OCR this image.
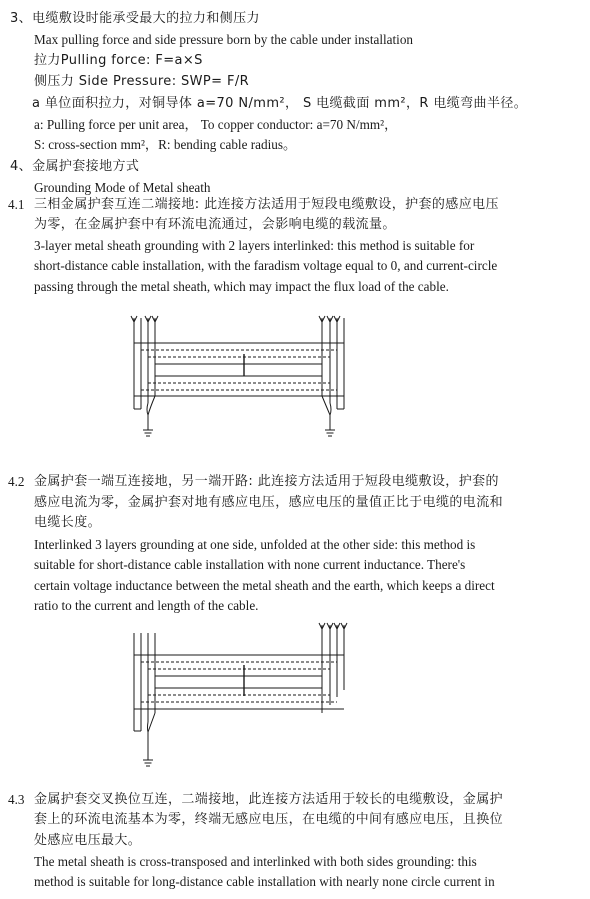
3、电缆敷设时能承受最大的拉力和侧压力
Max pulling force and side pressure born by the cable under installation
拉力Pulling force: F=a×S
侧压力 Side Pressure: SWP= F/R
a 单位面积拉力，对铜导体 a=70 N/mm²， S 电缆截面 mm²，R 电缆弯曲半径。
a: Pulling force per unit area， To copper conductor: a=70 N/mm²，
S: cross-section mm²，R: bending cable radius。
4、金属护套接地方式
Grounding Mode of Metal sheath
4.1 三相金属护套互连二端接地: 此连接方法适用于短段电缆敷设，护套的感应电压
为零，在金属护套中有环流电流通过，会影响电缆的载流量。
3-layer metal sheath grounding with 2 layers interlinked: this method is suitable for
short-distance cable installation, with the faradism voltage equal to 0, and current-circle
passing through the metal sheath, which may impact the flux load of the cable.
4.2 金属护套一端互连接地，另一端开路: 此连接方法适用于短段电缆敷设，护套的
感应电流为零，金属护套对地有感应电压，感应电压的量值正比于电缆的电流和
电缆长度。
Interlinked 3 layers grounding at one side, unfolded at the other side: this method is
suitable for short-distance cable installation with none current inductance. There's
certain voltage inductance between the metal sheath and the earth, which keeps a direct
ratio to the current and length of the cable.
4.3 金属护套交叉换位互连，二端接地，此连接方法适用于较长的电缆敷设，金属护
套上的环流电流基本为零，终端无感应电压，在电缆的中间有感应电压，且换位
处感应电压最大。
The metal sheath is cross-transposed and interlinked with both sides grounding: this
method is suitable for long-distance cable installation with nearly none circle current in
